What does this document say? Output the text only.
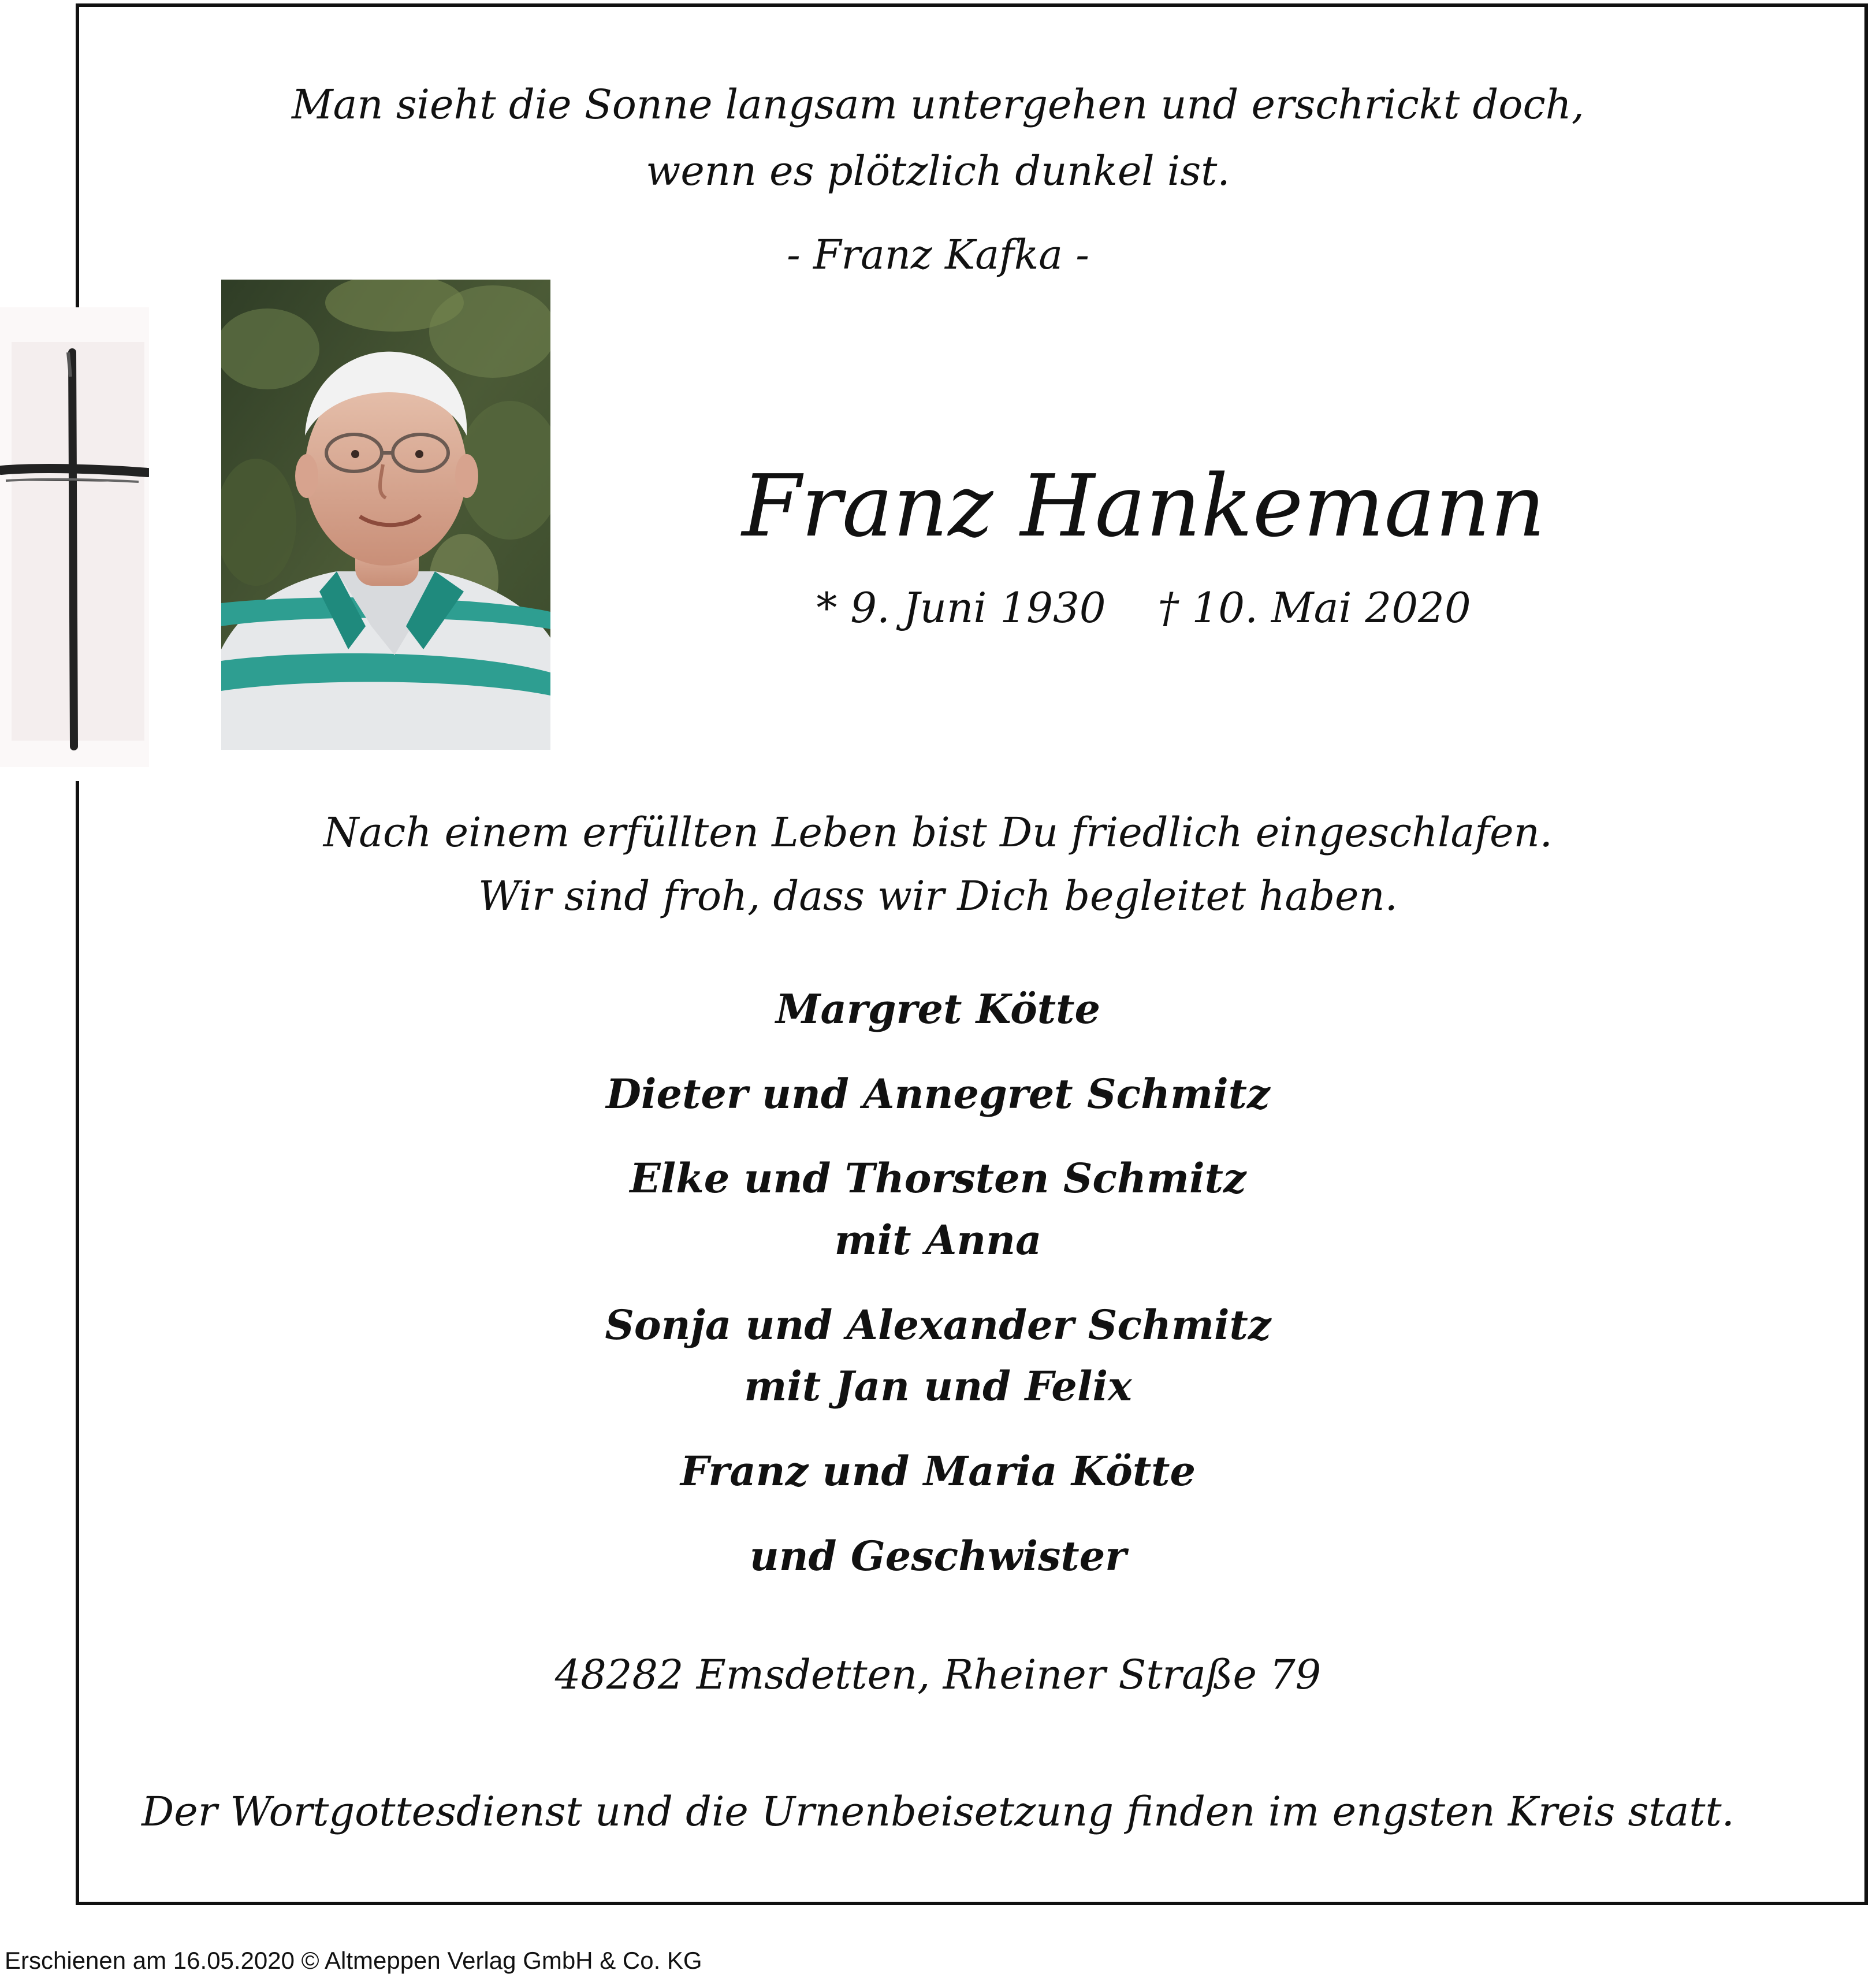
Man sieht die Sonne langsam untergehen und erschrickt doch,
wenn es plötzlich dunkel ist.
- Franz Kafka -
Franz Hankemann
* 9. Juni 1930 † 10. Mai 2020
Nach einem erfüllten Leben bist Du friedlich eingeschlafen.
Wir sind froh, dass wir Dich begleitet haben.
Margret Kötte
Dieter und Annegret Schmitz
Elke und Thorsten Schmitz
mit Anna
Sonja und Alexander Schmitz
mit Jan und Felix
Franz und Maria Kötte
und Geschwister
48282 Emsdetten, Rheiner Straße 79
Der Wortgottesdienst und die Urnenbeisetzung finden im engsten Kreis statt.
Erschienen am 16.05.2020 © Altmeppen Verlag GmbH & Co. KG
